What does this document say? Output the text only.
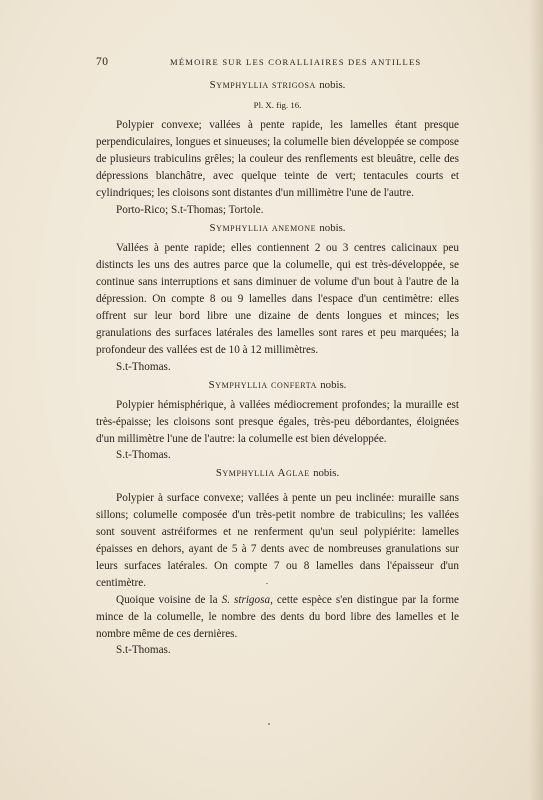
70	MÉMOIRE SUR LES CORALLIAIRES DES ANTILLES

Symphyllia strigosa nobis.

Pl. X. fig. 16.

Polypier convexe; vallées à pente rapide, les lamelles étant presque perpendiculaires, longues et sinueuses; la columelle bien développée se compose de plusieurs trabiculins grêles; la couleur des renflements est bleuâtre, celle des dépressions blanchâtre, avec quelque teinte de vert; tentacules courts et cylindriques; les cloisons sont distantes d'un millimètre l'une de l'autre.

Porto-Rico; S.t-Thomas; Tortole.

Symphyllia anemone nobis.

Vallées à pente rapide; elles contiennent 2 ou 3 centres calicinaux peu distincts les uns des autres parce que la columelle, qui est très-développée, se continue sans interruptions et sans diminuer de volume d'un bout à l'autre de la dépression. On compte 8 ou 9 lamelles dans l'espace d'un centimètre: elles offrent sur leur bord libre une dizaine de dents longues et minces; les granulations des surfaces latérales des lamelles sont rares et peu marquées; la profondeur des vallées est de 10 à 12 millimètres.

S.t-Thomas.

Symphyllia conferta nobis.

Polypier hémisphérique, à vallées médiocrement profondes; la muraille est très-épaisse; les cloisons sont presque égales, très-peu débordantes, éloignées d'un millimètre l'une de l'autre: la columelle est bien développée.

S.t-Thomas.

Symphyllia Aglae nobis.

Polypier à surface convexe; vallées à pente un peu inclinée: muraille sans sillons; columelle composée d'un très-petit nombre de trabiculins; les vallées sont souvent astréiformes et ne renferment qu'un seul polypiérite: lamelles épaisses en dehors, ayant de 5 à 7 dents avec de nombreuses granulations sur leurs surfaces latérales. On compte 7 ou 8 lamelles dans l'épaisseur d'un centimètre.

Quoique voisine de la S. strigosa, cette espèce s'en distingue par la forme mince de la columelle, le nombre des dents du bord libre des lamelles et le nombre même de ces dernières.

S.t-Thomas.
